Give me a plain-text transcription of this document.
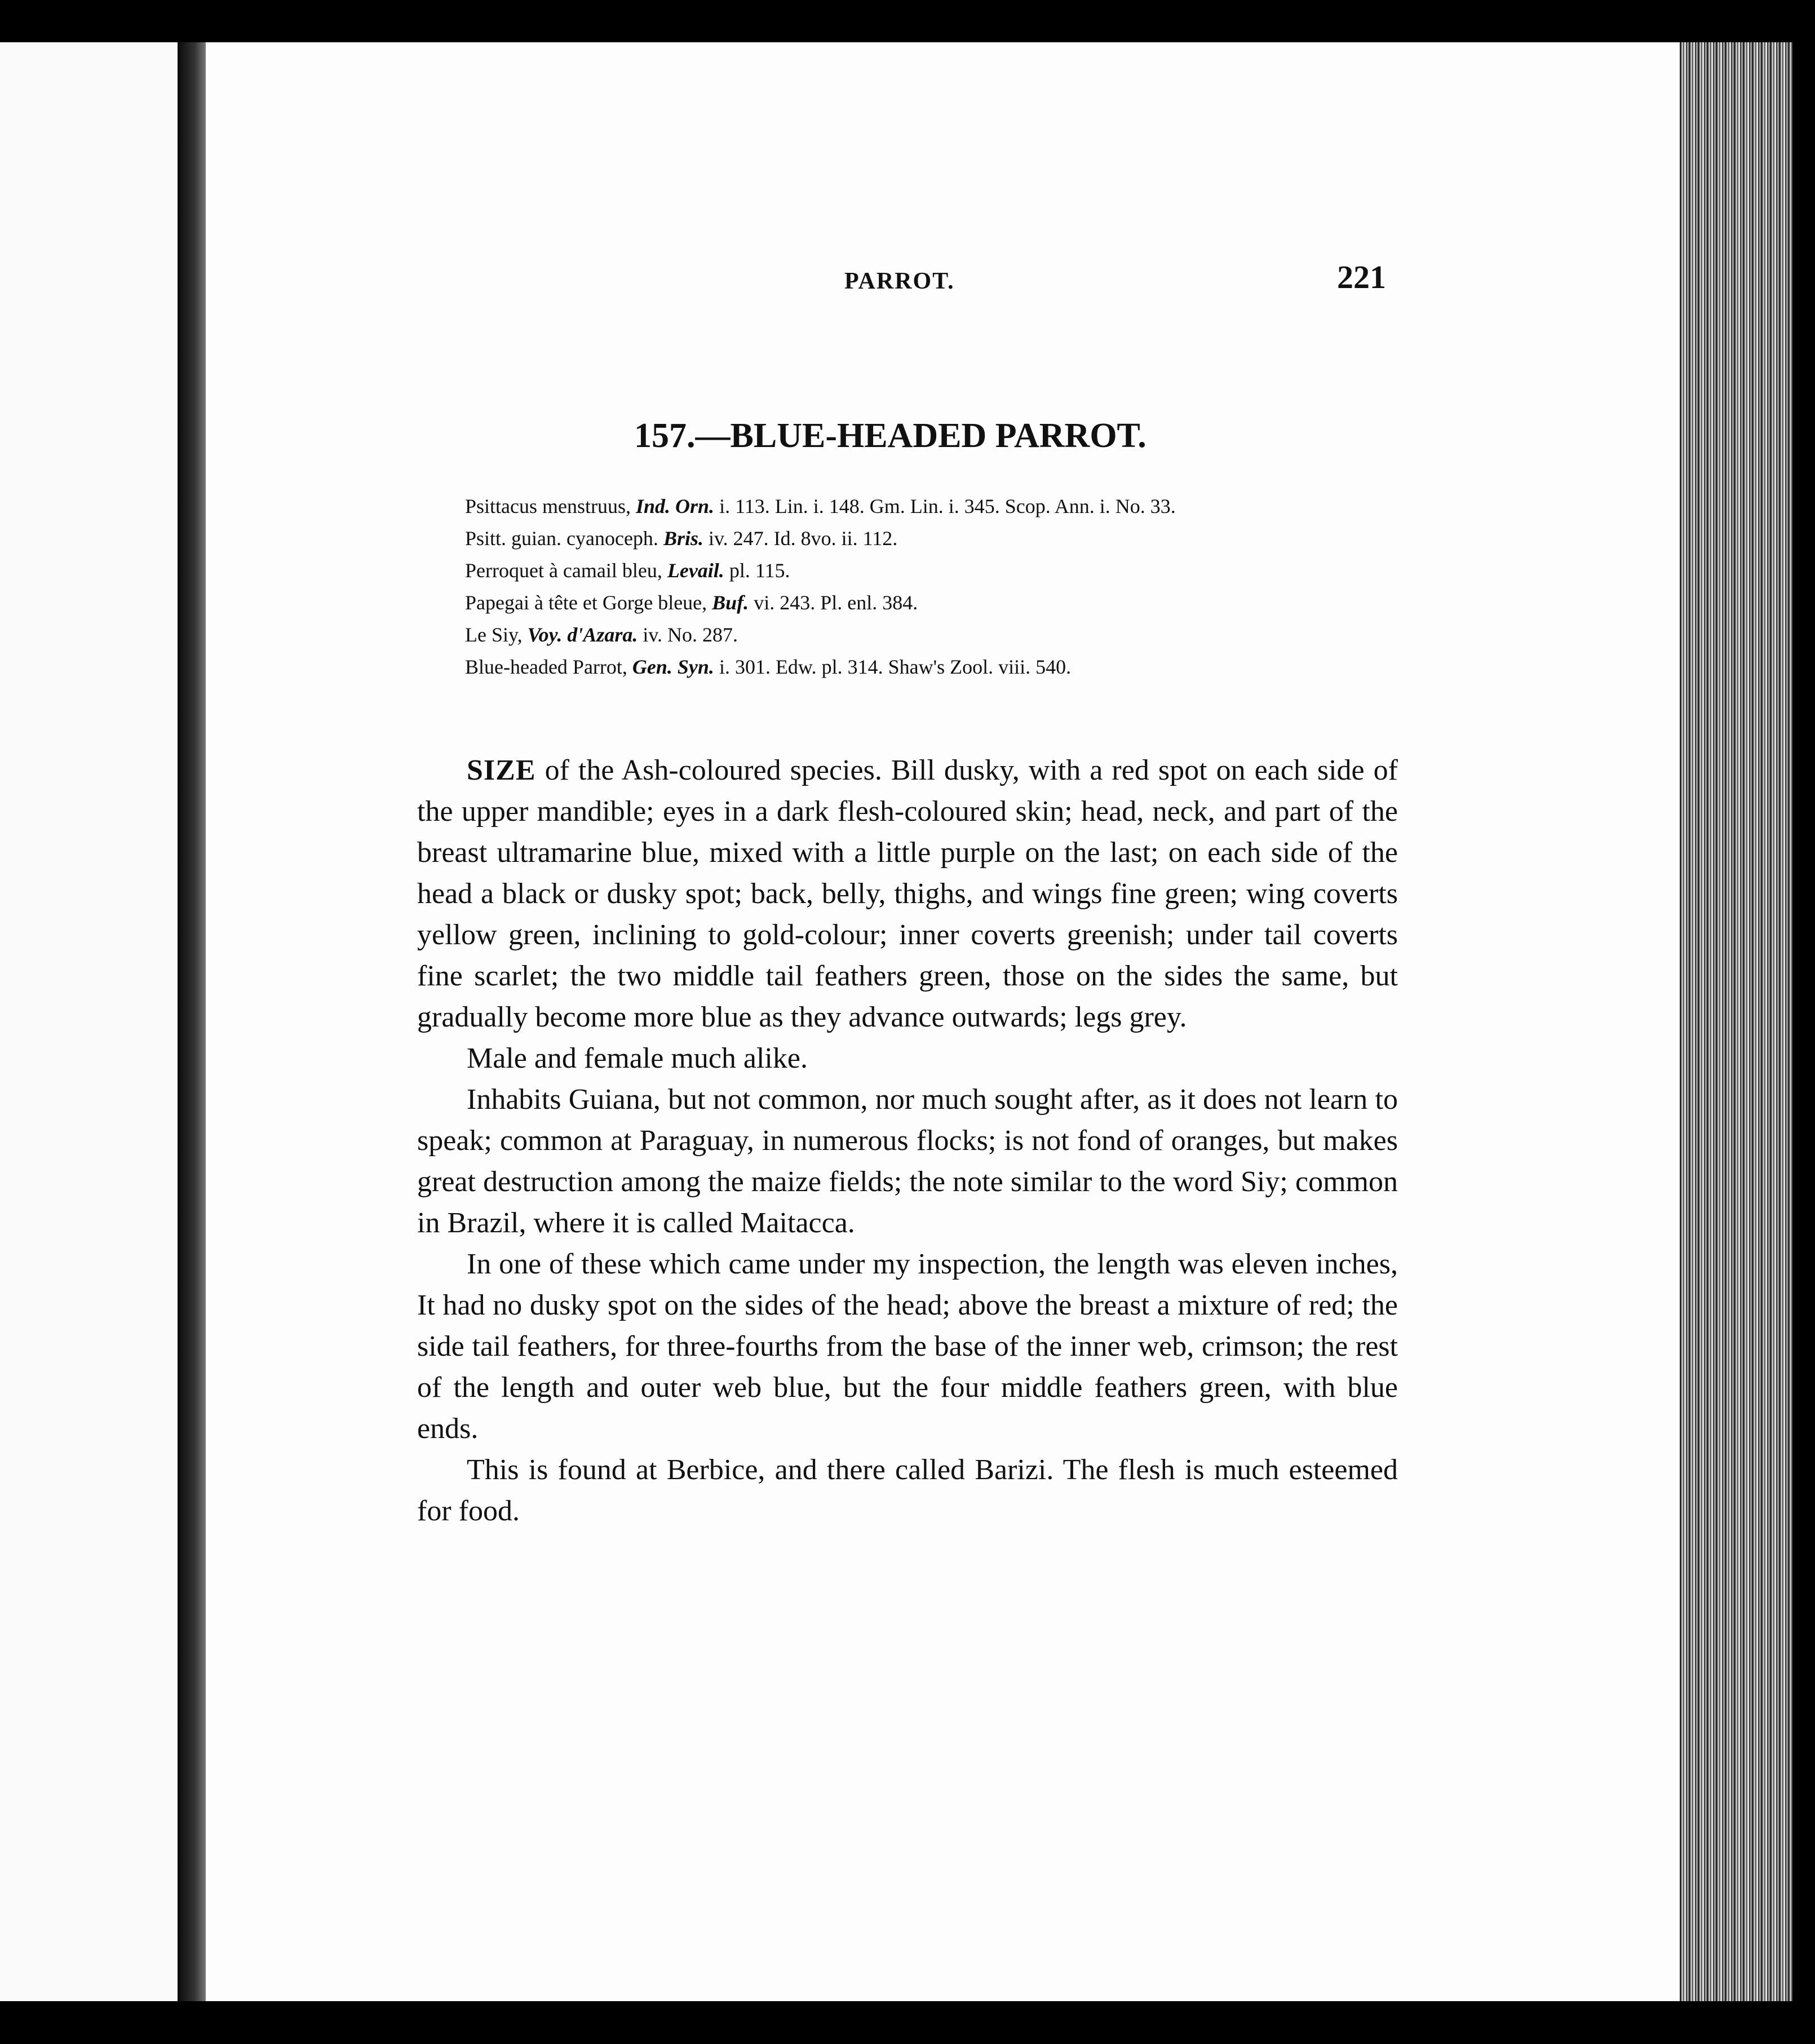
PARROT.	221
157.—BLUE-HEADED PARROT.
Psittacus menstruus, Ind. Orn. i. 113. Lin. i. 148. Gm. Lin. i. 345. Scop. Ann. i. No. 33.
Psitt. guian. cyanoceph. Bris. iv. 247. Id. 8vo. ii. 112.
Perroquet à camail bleu, Levail. pl. 115.
Papegai à tête et Gorge bleue, Buf. vi. 243. Pl. enl. 384.
Le Siy, Voy. d'Azara. iv. No. 287.
Blue-headed Parrot, Gen. Syn. i. 301. Edw. pl. 314. Shaw's Zool. viii. 540.

SIZE of the Ash-coloured species. Bill dusky, with a red spot on each side of the upper mandible; eyes in a dark flesh-coloured skin; head, neck, and part of the breast ultramarine blue, mixed with a little purple on the last; on each side of the head a black or dusky spot; back, belly, thighs, and wings fine green; wing coverts yellow green, inclining to gold-colour; inner coverts greenish; under tail coverts fine scarlet; the two middle tail feathers green, those on the sides the same, but gradually become more blue as they advance outwards; legs grey.

Male and female much alike.

Inhabits Guiana, but not common, nor much sought after, as it does not learn to speak; common at Paraguay, in numerous flocks; is not fond of oranges, but makes great destruction among the maize fields; the note similar to the word Siy; common in Brazil, where it is called Maitacca.

In one of these which came under my inspection, the length was eleven inches, It had no dusky spot on the sides of the head; above the breast a mixture of red; the side tail feathers, for three-fourths from the base of the inner web, crimson; the rest of the length and outer web blue, but the four middle feathers green, with blue ends.

This is found at Berbice, and there called Barizi. The flesh is much esteemed for food.
